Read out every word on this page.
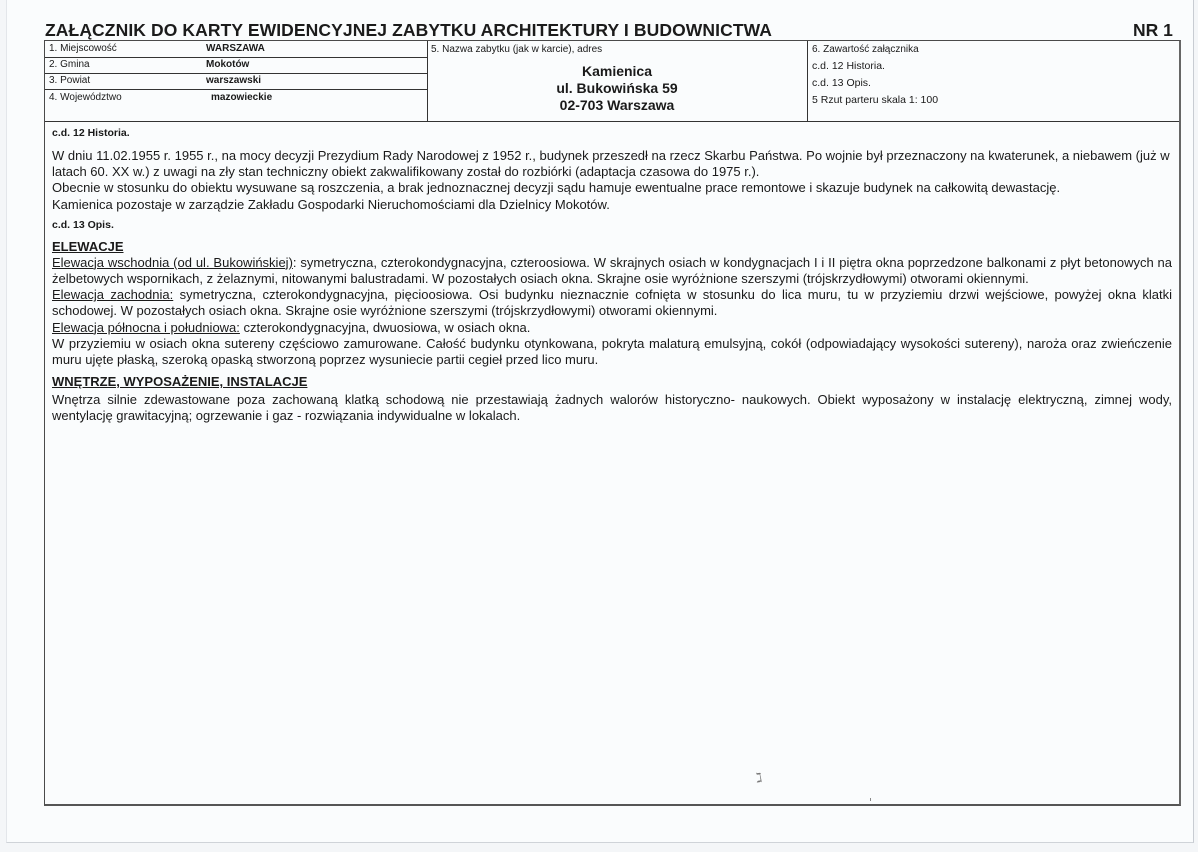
ZAŁĄCZNIK DO KARTY EWIDENCYJNEJ ZABYTKU ARCHITEKTURY I BUDOWNICTWA	NR 1
1. Miejscowość	WARSZAWA
2. Gmina	Mokotów
3. Powiat	warszawski
4. Województwo	mazowieckie
5. Nazwa zabytku (jak w karcie), adres
Kamienica
ul. Bukowińska 59
02-703 Warszawa
6. Zawartość załącznika
c.d. 12 Historia.
c.d. 13 Opis.
5 Rzut parteru skala 1: 100

c.d. 12 Historia.

W dniu 11.02.1955 r. 1955 r., na mocy decyzji Prezydium Rady Narodowej z 1952 r., budynek przeszedł na rzecz Skarbu Państwa. Po wojnie był przeznaczony na kwaterunek, a niebawem (już w latach 60. XX w.) z uwagi na zły stan techniczny obiekt zakwalifikowany został do rozbiórki (adaptacja czasowa do 1975 r.).

Obecnie w stosunku do obiektu wysuwane są roszczenia, a brak jednoznacznej decyzji sądu hamuje ewentualne prace remontowe i skazuje budynek na całkowitą dewastację.

Kamienica pozostaje w zarządzie Zakładu Gospodarki Nieruchomościami dla Dzielnicy Mokotów.

c.d. 13 Opis.

ELEWACJE

Elewacja wschodnia (od ul. Bukowińskiej): symetryczna, czterokondygnacyjna, czteroosiowa. W skrajnych osiach w kondygnacjach I i II piętra okna poprzedzone balkonami z płyt betonowych na żelbetowych wspornikach, z żelaznymi, nitowanymi balustradami. W pozostałych osiach okna. Skrajne osie wyróżnione szerszymi (trójskrzydłowymi) otworami okiennymi.

Elewacja zachodnia: symetryczna, czterokondygnacyjna, pięcioosiowa. Osi budynku nieznacznie cofnięta w stosunku do lica muru, tu w przyziemiu drzwi wejściowe, powyżej okna klatki schodowej. W pozostałych osiach okna. Skrajne osie wyróżnione szerszymi (trójskrzydłowymi) otworami okiennymi.

Elewacja północna i południowa: czterokondygnacyjna, dwuosiowa, w osiach okna.

W przyziemiu w osiach okna sutereny częściowo zamurowane. Całość budynku otynkowana, pokryta malaturą emulsyjną, cokół (odpowiadający wysokości sutereny), naroża oraz zwieńczenie muru ujęte płaską, szeroką opaską stworzoną poprzez wysuniecie partii cegieł przed lico muru.

WNĘTRZE, WYPOSAŻENIE, INSTALACJE

Wnętrza silnie zdewastowane poza zachowaną klatką schodową nie przestawiają żadnych walorów historyczno- naukowych. Obiekt wyposażony w instalację elektryczną, zimnej wody, wentylację grawitacyjną; ogrzewanie i gaz - rozwiązania indywidualne w lokalach.

ℷ
